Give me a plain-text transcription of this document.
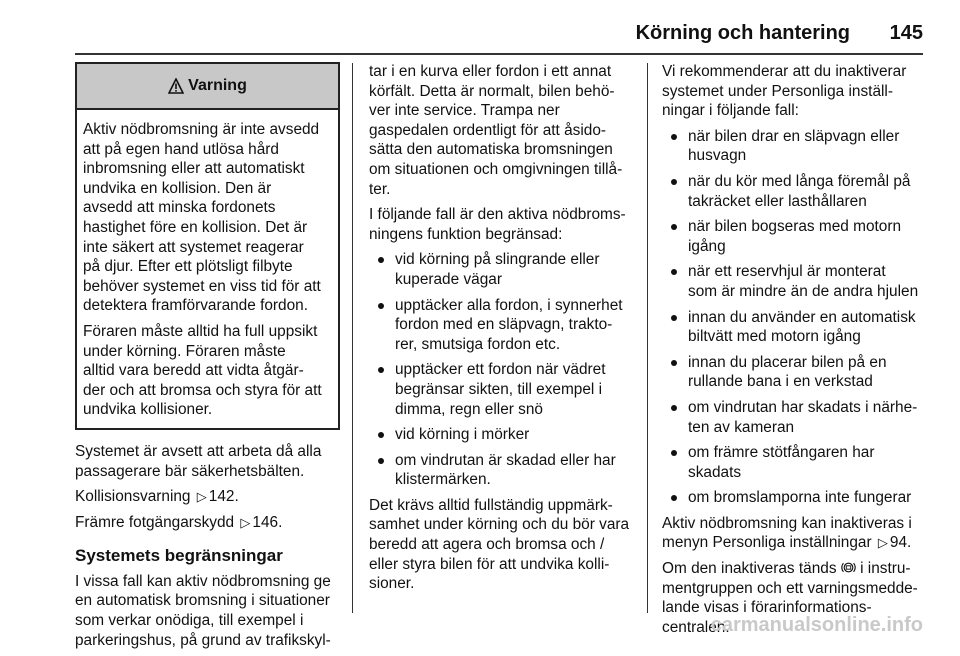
Körning och hantering 145
Varning

Aktiv nödbromsning är inte avsedd
att på egen hand utlösa hård
inbromsning eller att automatiskt
undvika en kollision. Den är
avsedd att minska fordonets
hastighet före en kollision. Det är
inte säkert att systemet reagerar
på djur. Efter ett plötsligt filbyte
behöver systemet en viss tid för att
detektera framförvarande fordon.

Föraren måste alltid ha full uppsikt
under körning. Föraren måste
alltid vara beredd att vidta åtgär-
der och att bromsa och styra för att
undvika kollisioner.

Systemet är avsett att arbeta då alla
passagerare bär säkerhetsbälten.

Kollisionsvarning ▷ 142.

Främre fotgängarskydd ▷ 146.

Systemets begränsningar

I vissa fall kan aktiv nödbromsning ge
en automatisk bromsning i situationer
som verkar onödiga, till exempel i
parkeringshus, på grund av trafikskyl-

tar i en kurva eller fordon i ett annat
körfält. Detta är normalt, bilen behö-
ver inte service. Trampa ner
gaspedalen ordentligt för att åsido-
sätta den automatiska bromsningen
om situationen och omgivningen tillå-
ter.

I följande fall är den aktiva nödbroms-
ningens funktion begränsad:

vid körning på slingrande eller
kuperade vägar
upptäcker alla fordon, i synnerhet
fordon med en släpvagn, trakto-
rer, smutsiga fordon etc.
upptäcker ett fordon när vädret
begränsar sikten, till exempel i
dimma, regn eller snö
vid körning i mörker
om vindrutan är skadad eller har
klistermärken.

Det krävs alltid fullständig uppmärk-
samhet under körning och du bör vara
beredd att agera och bromsa och /
eller styra bilen för att undvika kolli-
sioner.

Vi rekommenderar att du inaktiverar
systemet under Personliga inställ-
ningar i följande fall:

när bilen drar en släpvagn eller
husvagn
när du kör med långa föremål på
takräcket eller lasthållaren
när bilen bogseras med motorn
igång
när ett reservhjul är monterat
som är mindre än de andra hjulen
innan du använder en automatisk
biltvätt med motorn igång
innan du placerar bilen på en
rullande bana i en verkstad
om vindrutan har skadats i närhe-
ten av kameran
om främre stötfångaren har
skadats
om bromslamporna inte fungerar

Aktiv nödbromsning kan inaktiveras i
menyn Personliga inställningar ▷ 94.

Om den inaktiveras tänds i instru-
mentgruppen och ett varningsmedde-
lande visas i förarinformations-
centralen.

carmanualsonline.info
